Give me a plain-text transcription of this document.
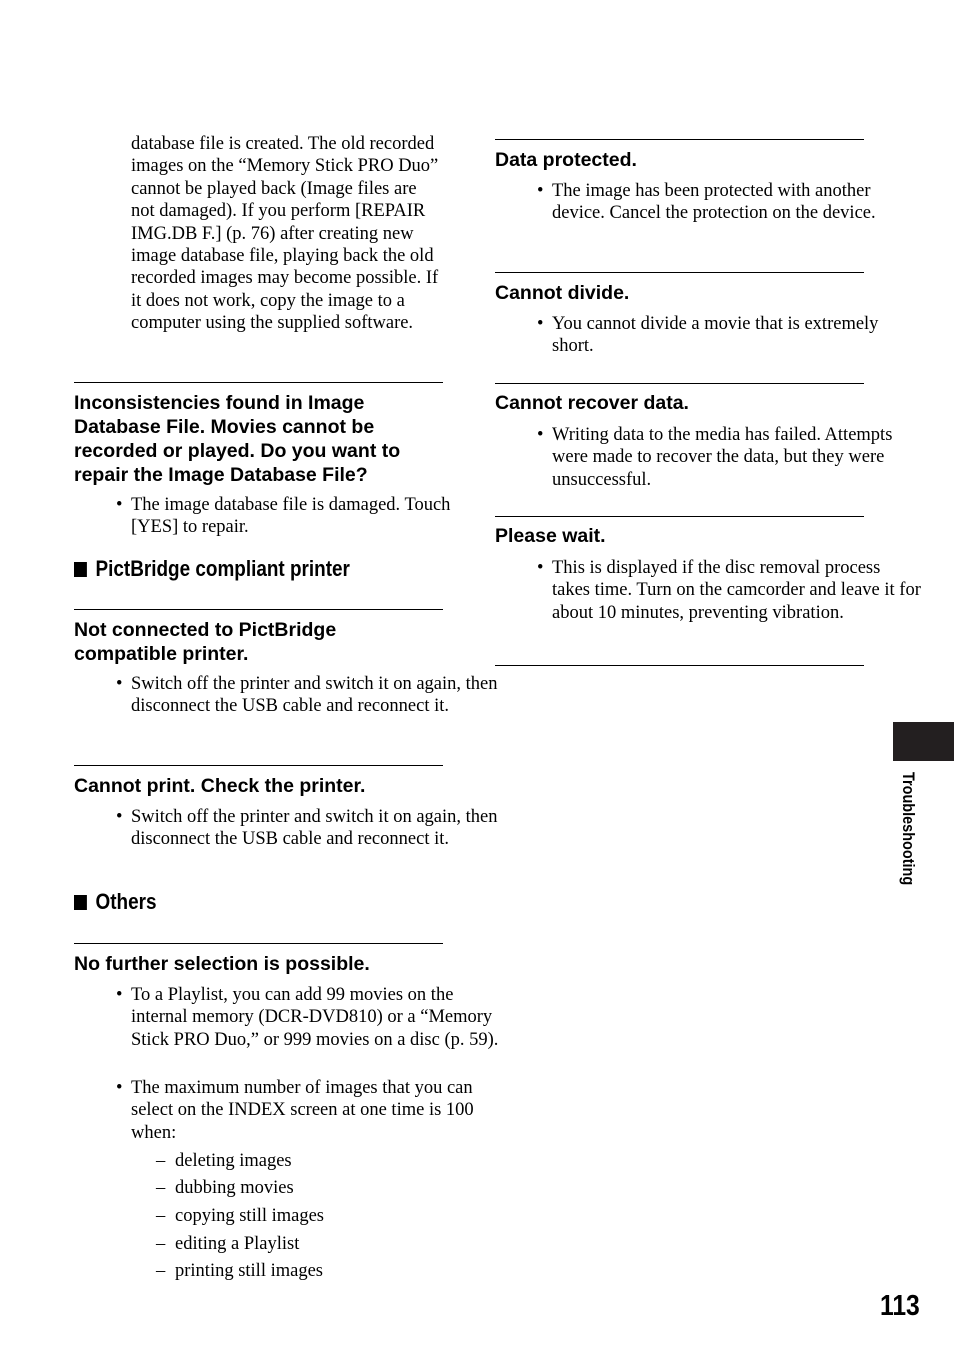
database file is created. The old recorded images on the “Memory Stick PRO Duo” cannot be played back (Image files are not damaged). If you perform [REPAIR IMG.DB F.] (p. 76) after creating new image database file, playing back the old recorded images may become possible. If it does not work, copy the image to a computer using the supplied software.

Inconsistencies found in Image Database File. Movies cannot be recorded or played. Do you want to repair the Image Database File?

• The image database file is damaged. Touch [YES] to repair.

PictBridge compliant printer

Not connected to PictBridge compatible printer.

• Switch off the printer and switch it on again, then disconnect the USB cable and reconnect it.

Cannot print. Check the printer.

• Switch off the printer and switch it on again, then disconnect the USB cable and reconnect it.

Others

No further selection is possible.

• To a Playlist, you can add 99 movies on the internal memory (DCR-DVD810) or a “Memory Stick PRO Duo,” or 999 movies on a disc (p. 59).

• The maximum number of images that you can select on the INDEX screen at one time is 100 when:

– deleting images

– dubbing movies

– copying still images

– editing a Playlist

– printing still images

Data protected.

• The image has been protected with another device. Cancel the protection on the device.

Cannot divide.

• You cannot divide a movie that is extremely short.

Cannot recover data.

• Writing data to the media has failed. Attempts were made to recover the data, but they were unsuccessful.

Please wait.

• This is displayed if the disc removal process takes time. Turn on the camcorder and leave it for about 10 minutes, preventing vibration.

Troubleshooting
113
